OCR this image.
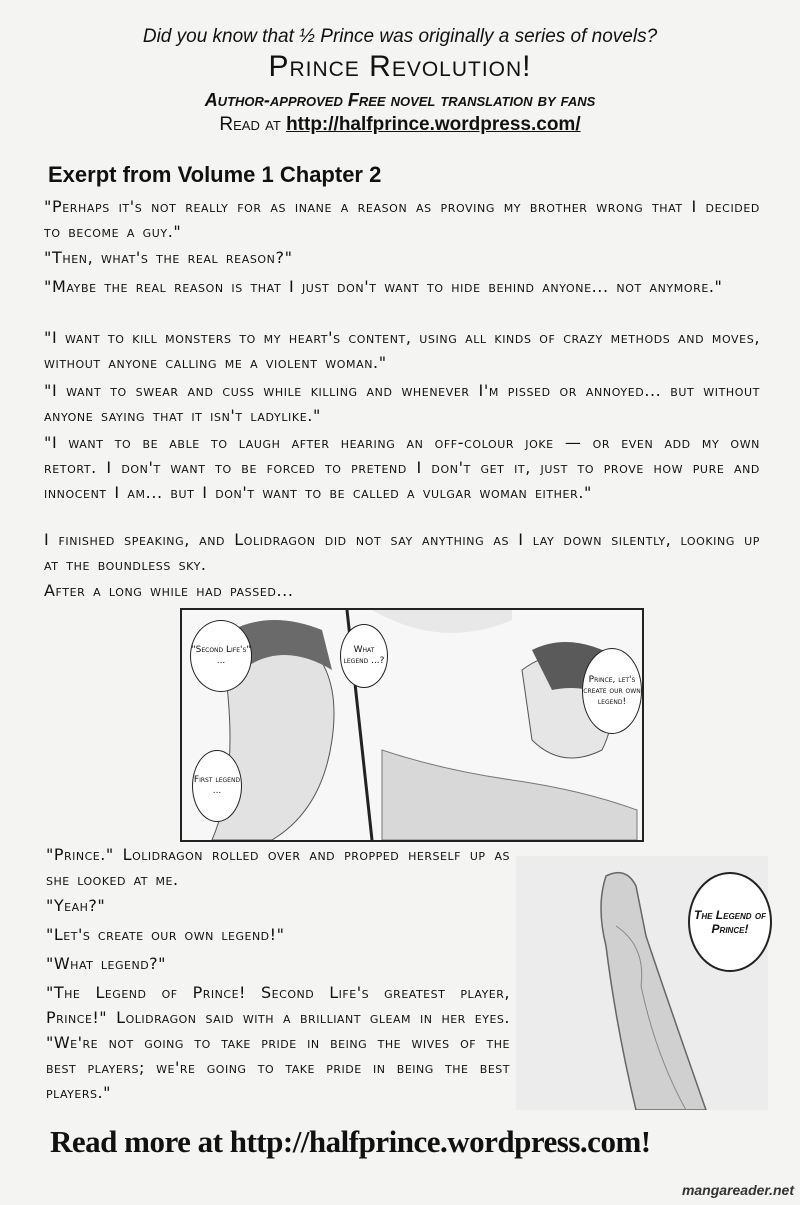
Did you know that ½ Prince was originally a series of novels?
Prince Revolution!
Author-approved Free novel translation by fans
Read at http://halfprince.wordpress.com/
Exerpt from Volume 1 Chapter 2
"Perhaps it's not really for as inane a reason as proving my brother wrong that I decided to become a guy."
"Then, what's the real reason?"
"Maybe the real reason is that I just don't want to hide behind anyone... not anymore."
"I want to kill monsters to my heart's content, using all kinds of crazy methods and moves, without anyone calling me a violent woman."
"I want to swear and cuss while killing and whenever I'm pissed or annoyed... but without anyone saying that it isn't ladylike."
"I want to be able to laugh after hearing an off-colour joke — or even add my own retort. I don't want to be forced to pretend I don't get it, just to prove how pure and innocent I am... but I don't want to be called a vulgar woman either."
I finished speaking, and Lolidragon did not say anything as I lay down silently, looking up at the boundless sky.
After a long while had passed...
"Second Life's" ...
What legend ...?
Prince, let's create our own legend!
First legend ...
"Prince." Lolidragon rolled over and propped herself up as she looked at me.
"Yeah?"
"Let's create our own legend!"
"What legend?"
"The Legend of Prince! Second Life's greatest player, Prince!" Lolidragon said with a brilliant gleam in her eyes. "We're not going to take pride in being the wives of the best players; we're going to take pride in being the best players."
The Legend of Prince!
Read more at http://halfprince.wordpress.com!
mangareader.net
